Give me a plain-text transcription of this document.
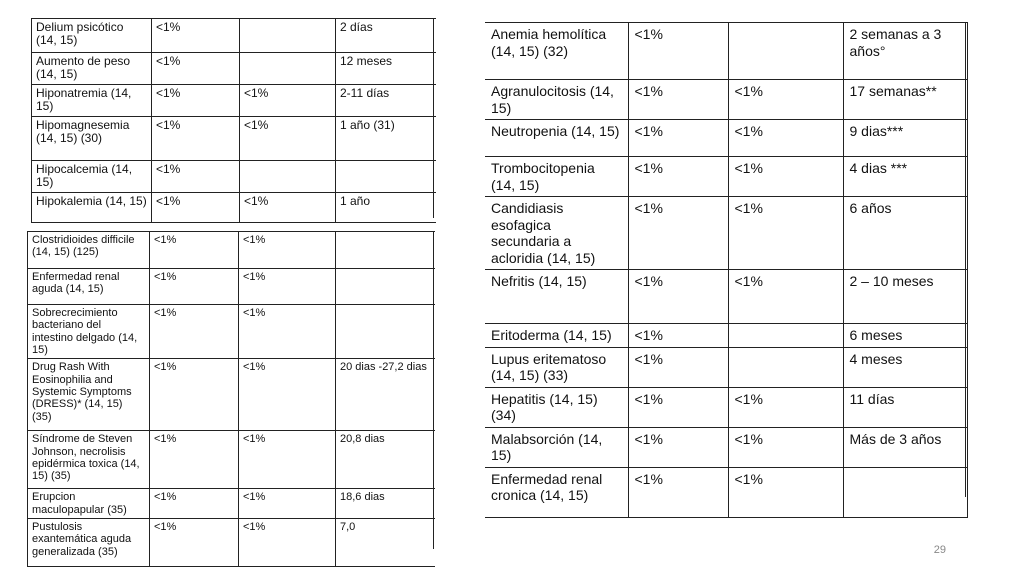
Delium psicótico (14, 15)	<1%		2 días
Aumento de peso (14, 15)	<1%		12 meses
Hiponatremia (14, 15)	<1%	<1%	2-11 días
Hipomagnesemia (14, 15) (30)	<1%	<1%	1 año (31)
Hipocalcemia (14, 15)	<1%		
Hipokalemia (14, 15)	<1%	<1%	1 año
Clostridioides difficile (14, 15) (125)	<1%	<1%	
Enfermedad renal aguda (14, 15)	<1%	<1%	
Sobrecrecimiento bacteriano del intestino delgado (14, 15)	<1%	<1%	
Drug Rash With Eosinophilia and Systemic Symptoms (DRESS)* (14, 15) (35)	<1%	<1%	20 dias -27,2 dias
Síndrome de Steven Johnson, necrolisis epidérmica toxica (14, 15) (35)	<1%	<1%	20,8 dias
Erupcion maculopapular (35)	<1%	<1%	18,6 dias
Pustulosis exantemática aguda generalizada (35)	<1%	<1%	7,0
Anemia hemolítica (14, 15) (32)	<1%		2 semanas a 3 años°
Agranulocitosis (14, 15)	<1%	<1%	17 semanas**
Neutropenia (14, 15)	<1%	<1%	9 dias***
Trombocitopenia (14, 15)	<1%	<1%	4 dias ***
Candidiasis esofagica secundaria a acloridia (14, 15)	<1%	<1%	6 años
Nefritis (14, 15)	<1%	<1%	2 – 10 meses
Eritoderma (14, 15)	<1%		6 meses
Lupus eritematoso (14, 15) (33)	<1%		4 meses
Hepatitis (14, 15) (34)	<1%	<1%	11 días
Malabsorción (14, 15)	<1%	<1%	Más de 3 años
Enfermedad renal cronica (14, 15)	<1%	<1%	
29
